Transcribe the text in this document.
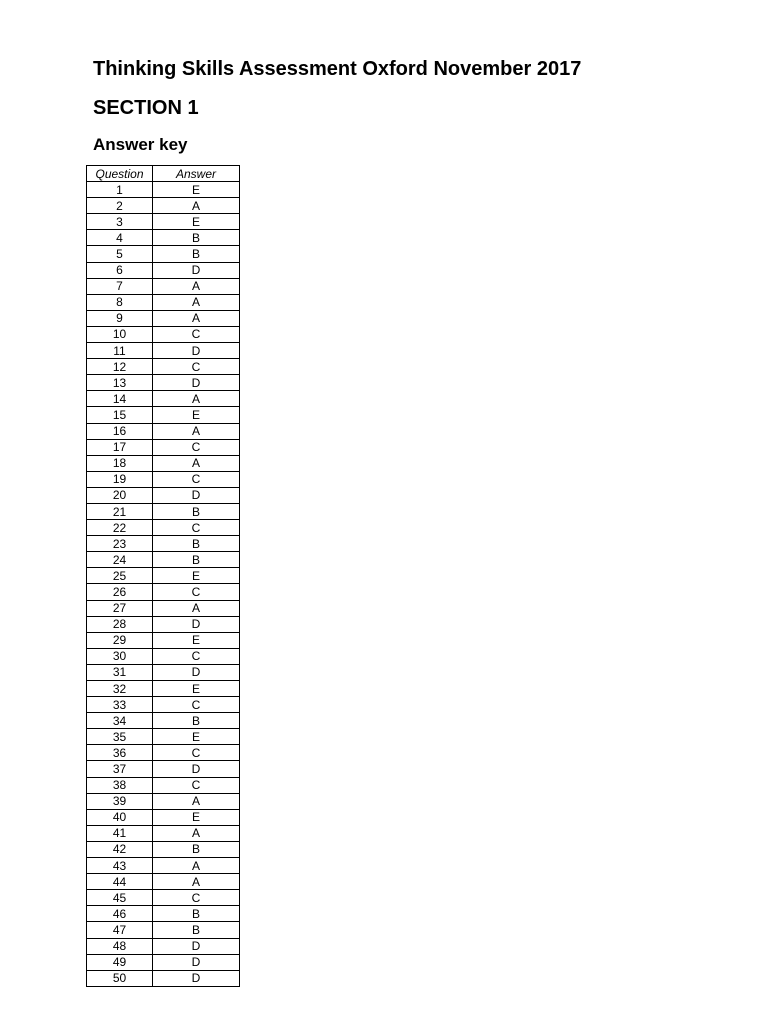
Thinking Skills Assessment Oxford November 2017
SECTION 1
Answer key
Question	Answer
1	E
2	A
3	E
4	B
5	B
6	D
7	A
8	A
9	A
10	C
11	D
12	C
13	D
14	A
15	E
16	A
17	C
18	A
19	C
20	D
21	B
22	C
23	B
24	B
25	E
26	C
27	A
28	D
29	E
30	C
31	D
32	E
33	C
34	B
35	E
36	C
37	D
38	C
39	A
40	E
41	A
42	B
43	A
44	A
45	C
46	B
47	B
48	D
49	D
50	D
